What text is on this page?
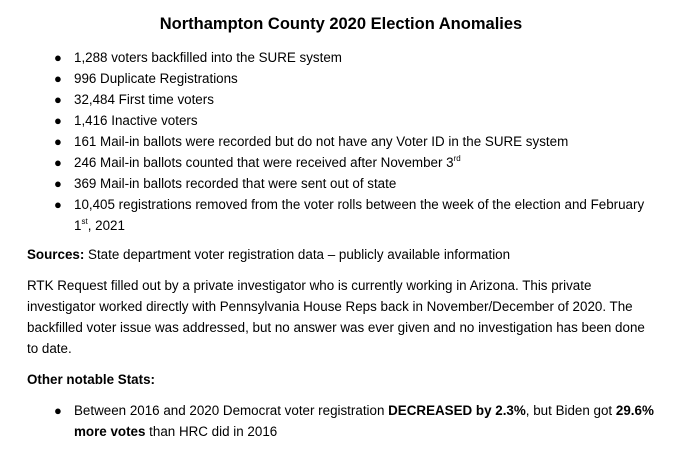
Northampton County 2020 Election Anomalies
● 1,288 voters backfilled into the SURE system
● 996 Duplicate Registrations
● 32,484 First time voters
● 1,416 Inactive voters
● 161 Mail-in ballots were recorded but do not have any Voter ID in the SURE system
● 246 Mail-in ballots counted that were received after November 3rd
● 369 Mail-in ballots recorded that were sent out of state
● 10,405 registrations removed from the voter rolls between the week of the election and February 1st, 2021

Sources: State department voter registration data – publicly available information

RTK Request filled out by a private investigator who is currently working in Arizona. This private investigator worked directly with Pennsylvania House Reps back in November/December of 2020. The backfilled voter issue was addressed, but no answer was ever given and no investigation has been done to date.

Other notable Stats:

● Between 2016 and 2020 Democrat voter registration DECREASED by 2.3%, but Biden got 29.6% more votes than HRC did in 2016
